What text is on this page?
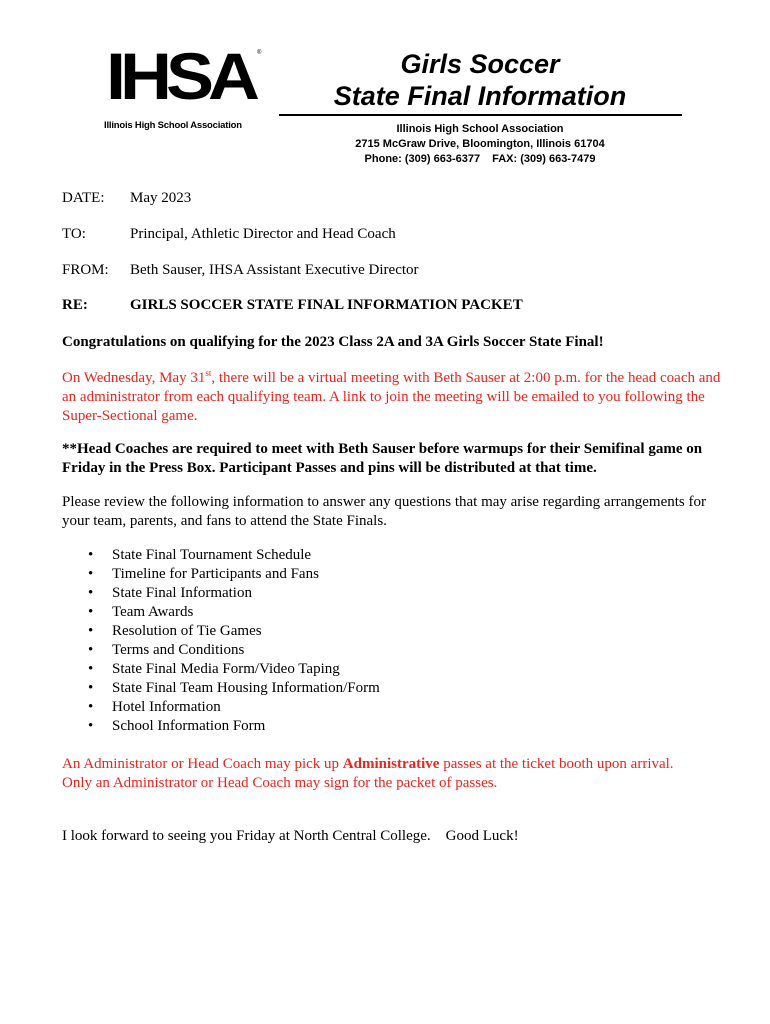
IHSA ®
Illinois High School Association
Girls Soccer
State Final Information
Illinois High School Association
2715 McGraw Drive, Bloomington, Illinois 61704
Phone: (309) 663-6377 FAX: (309) 663-7479
DATE: May 2023
TO:	Principal, Athletic Director and Head Coach
FROM: Beth Sauser, IHSA Assistant Executive Director
RE:	GIRLS SOCCER STATE FINAL INFORMATION PACKET
Congratulations on qualifying for the 2023 Class 2A and 3A Girls Soccer State Final!
On Wednesday, May 31st, there will be a virtual meeting with Beth Sauser at 2:00 p.m. for the head coach and an administrator from each qualifying team. A link to join the meeting will be emailed to you following the Super-Sectional game.
**Head Coaches are required to meet with Beth Sauser before warmups for their Semifinal game on Friday in the Press Box. Participant Passes and pins will be distributed at that time.
Please review the following information to answer any questions that may arise regarding arrangements for your team, parents, and fans to attend the State Finals.
• State Final Tournament Schedule
• Timeline for Participants and Fans
• State Final Information
• Team Awards
• Resolution of Tie Games
• Terms and Conditions
• State Final Media Form/Video Taping
• State Final Team Housing Information/Form
• Hotel Information
• School Information Form
An Administrator or Head Coach may pick up Administrative passes at the ticket booth upon arrival.
Only an Administrator or Head Coach may sign for the packet of passes.
I look forward to seeing you Friday at North Central College. Good Luck!
